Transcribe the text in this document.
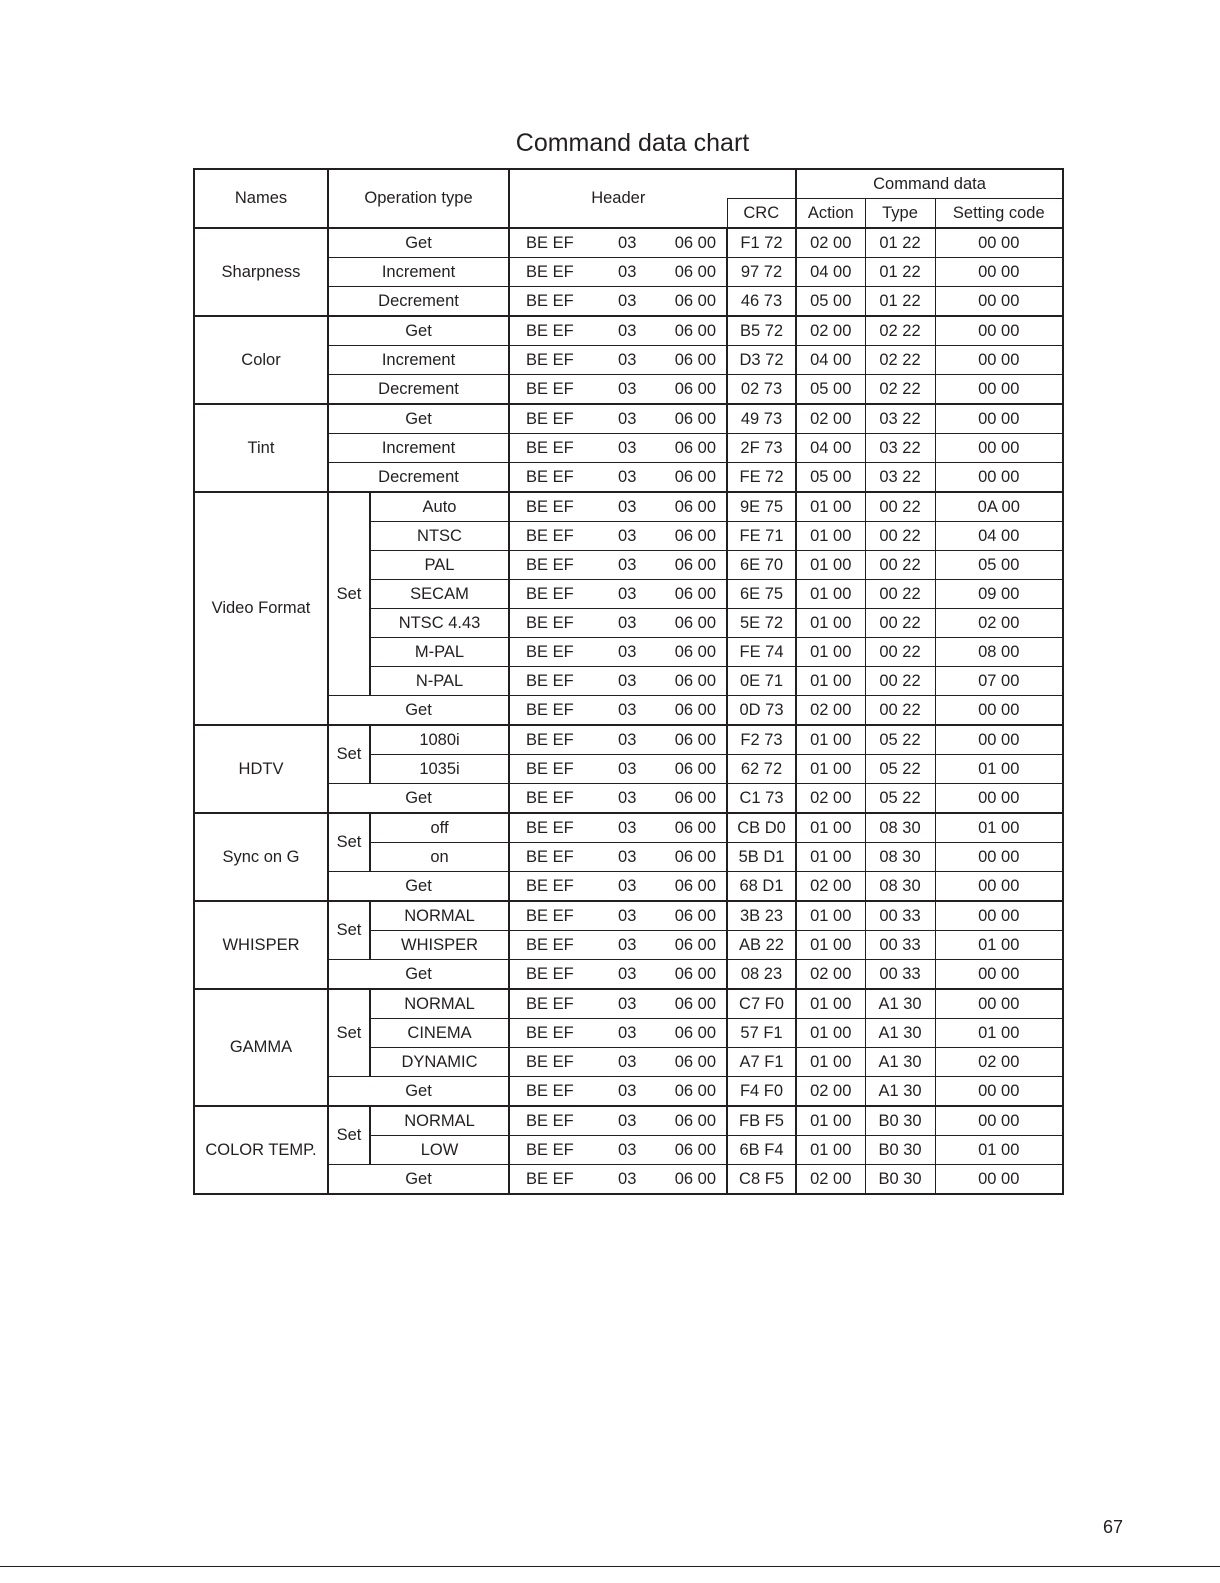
Command data chart
Names	Operation type		Header		Command data		
				CRC	Action	Type	Setting code
Sharpness	Get		BE EF 03 06 00	F1 72	02 00	01 22	00 00
	Increment		BE EF 03 06 00	97 72	04 00	01 22	00 00
	Decrement		BE EF 03 06 00	46 73	05 00	01 22	00 00
Color	Get		BE EF 03 06 00	B5 72	02 00	02 22	00 00
	Increment		BE EF 03 06 00	D3 72	04 00	02 22	00 00
	Decrement		BE EF 03 06 00	02 73	05 00	02 22	00 00
Tint	Get		BE EF 03 06 00	49 73	02 00	03 22	00 00
	Increment		BE EF 03 06 00	2F 73	04 00	03 22	00 00
	Decrement		BE EF 03 06 00	FE 72	05 00	03 22	00 00
Video Format	Set	Auto	BE EF 03 06 00	9E 75	01 00	00 22	0A 00
		NTSC	BE EF 03 06 00	FE 71	01 00	00 22	04 00
		PAL	BE EF 03 06 00	6E 70	01 00	00 22	05 00
		SECAM	BE EF 03 06 00	6E 75	01 00	00 22	09 00
		NTSC 4.43	BE EF 03 06 00	5E 72	01 00	00 22	02 00
		M-PAL	BE EF 03 06 00	FE 74	01 00	00 22	08 00
		N-PAL	BE EF 03 06 00	0E 71	01 00	00 22	07 00
	Get		BE EF 03 06 00	0D 73	02 00	00 22	00 00
HDTV	Set	1080i	BE EF 03 06 00	F2 73	01 00	05 22	00 00
		1035i	BE EF 03 06 00	62 72	01 00	05 22	01 00
	Get		BE EF 03 06 00	C1 73	02 00	05 22	00 00
Sync on G	Set	off	BE EF 03 06 00	CB D0	01 00	08 30	01 00
		on	BE EF 03 06 00	5B D1	01 00	08 30	00 00
	Get		BE EF 03 06 00	68 D1	02 00	08 30	00 00
WHISPER	Set	NORMAL	BE EF 03 06 00	3B 23	01 00	00 33	00 00
		WHISPER	BE EF 03 06 00	AB 22	01 00	00 33	01 00
	Get		BE EF 03 06 00	08 23	02 00	00 33	00 00
GAMMA	Set	NORMAL	BE EF 03 06 00	C7 F0	01 00	A1 30	00 00
		CINEMA	BE EF 03 06 00	57 F1	01 00	A1 30	01 00
		DYNAMIC	BE EF 03 06 00	A7 F1	01 00	A1 30	02 00
	Get		BE EF 03 06 00	F4 F0	02 00	A1 30	00 00
COLOR TEMP.	Set	NORMAL	BE EF 03 06 00	FB F5	01 00	B0 30	00 00
		LOW	BE EF 03 06 00	6B F4	01 00	B0 30	01 00
	Get		BE EF 03 06 00	C8 F5	02 00	B0 30	00 00
67
